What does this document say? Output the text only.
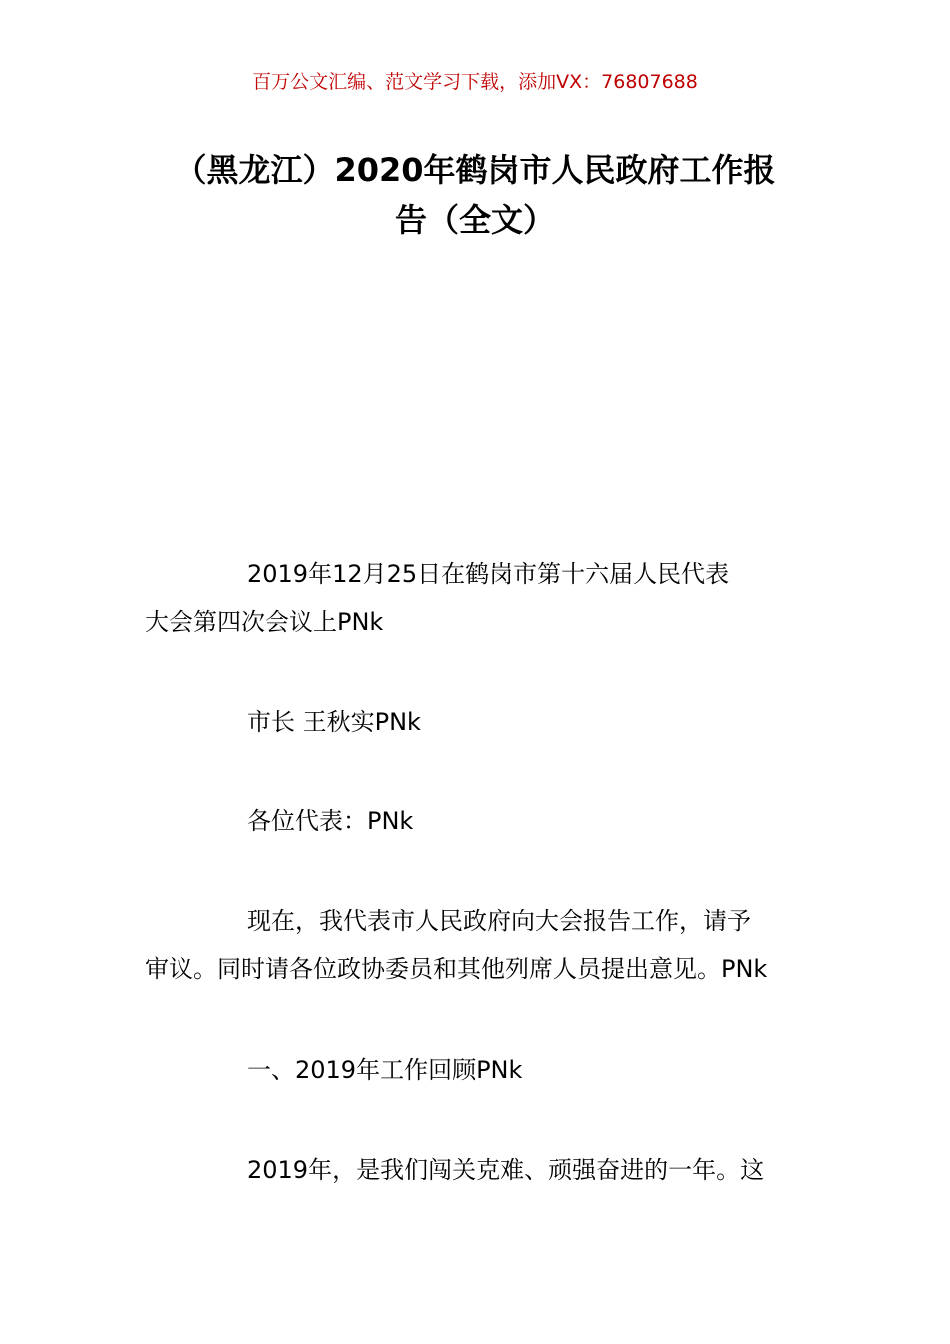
百万公文汇编、范文学习下载，添加VX：76807688
（黑龙江）2020年鹤岗市人民政府工作报
告（全文）
2019年12月25日在鹤岗市第十六届人民代表
大会第四次会议上PNk
市长 王秋实PNk
各位代表：PNk
现在，我代表市人民政府向大会报告工作，请予
审议。同时请各位政协委员和其他列席人员提出意见。PNk
一、2019年工作回顾PNk
2019年，是我们闯关克难、顽强奋进的一年。这
